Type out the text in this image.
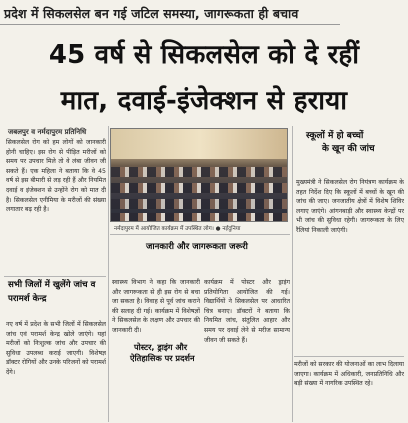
प्रदेश में सिकलसेल बन गई जटिल समस्या, जागरूकता ही बचाव
45 वर्ष से सिकलसेल को दे रहीं
मात, दवाई-इंजेक्शन से हराया
जबलपुर व नर्मदापुरम प्रतिनिधि

सिकलसेल रोग को हम लोगों को जानकारी होनी चाहिए। इस रोग से पीड़ित मरीजों को समय पर उपचार मिले तो वे लंबा जीवन जी सकते हैं। एक महिला ने बताया कि वे 45 वर्ष से इस बीमारी से लड़ रही हैं और नियमित दवाई व इंजेक्शन से उन्होंने रोग को मात दी है। सिकलसेल एनीमिया के मरीजों की संख्या लगातार बढ़ रही है।

सभी जिलों में खुलेंगे जांच व
परामर्श केन्द्र

नए वर्ष में प्रदेश के सभी जिलों में सिकलसेल जांच एवं परामर्श केन्द्र खोले जाएंगे। यहां मरीजों को निःशुल्क जांच और उपचार की सुविधा उपलब्ध कराई जाएगी। विशेषज्ञ डॉक्टर रोगियों और उनके परिजनों को परामर्श देंगे।

नर्मदापुरम में आयोजित कार्यक्रम में उपस्थित लोग। ● नईदुनिया
जानकारी और जागरूकता जरूरी

स्वास्थ्य विभाग ने कहा कि जानकारी और जागरूकता से ही इस रोग से बचा जा सकता है। विवाह से पूर्व जांच कराने की सलाह दी गई। कार्यक्रम में विशेषज्ञों ने सिकलसेल के लक्षण और उपचार की जानकारी दी।

पोस्टर, ड्राइंग और
ऐतिहासिक पर प्रदर्शन

कार्यक्रम में पोस्टर और ड्राइंग प्रतियोगिता आयोजित की गई। विद्यार्थियों ने सिकलसेल पर आधारित चित्र बनाए। डॉक्टरों ने बताया कि नियमित जांच, संतुलित आहार और समय पर दवाई लेने से मरीज सामान्य जीवन जी सकते हैं।

स्कूलों में हो बच्चों
के खून की जांच

मुख्यमंत्री ने सिकलसेल रोग नियंत्रण कार्यक्रम के तहत निर्देश दिए कि स्कूलों में बच्चों के खून की जांच की जाए। जनजातीय क्षेत्रों में विशेष शिविर लगाए जाएंगे। आंगनबाड़ी और स्वास्थ्य केन्द्रों पर भी जांच की सुविधा रहेगी। जागरूकता के लिए रैलियां निकाली जाएंगी।

मरीजों को सरकार की योजनाओं का लाभ दिलाया जाएगा। कार्यक्रम में अधिकारी, जनप्रतिनिधि और बड़ी संख्या में नागरिक उपस्थित रहे।
